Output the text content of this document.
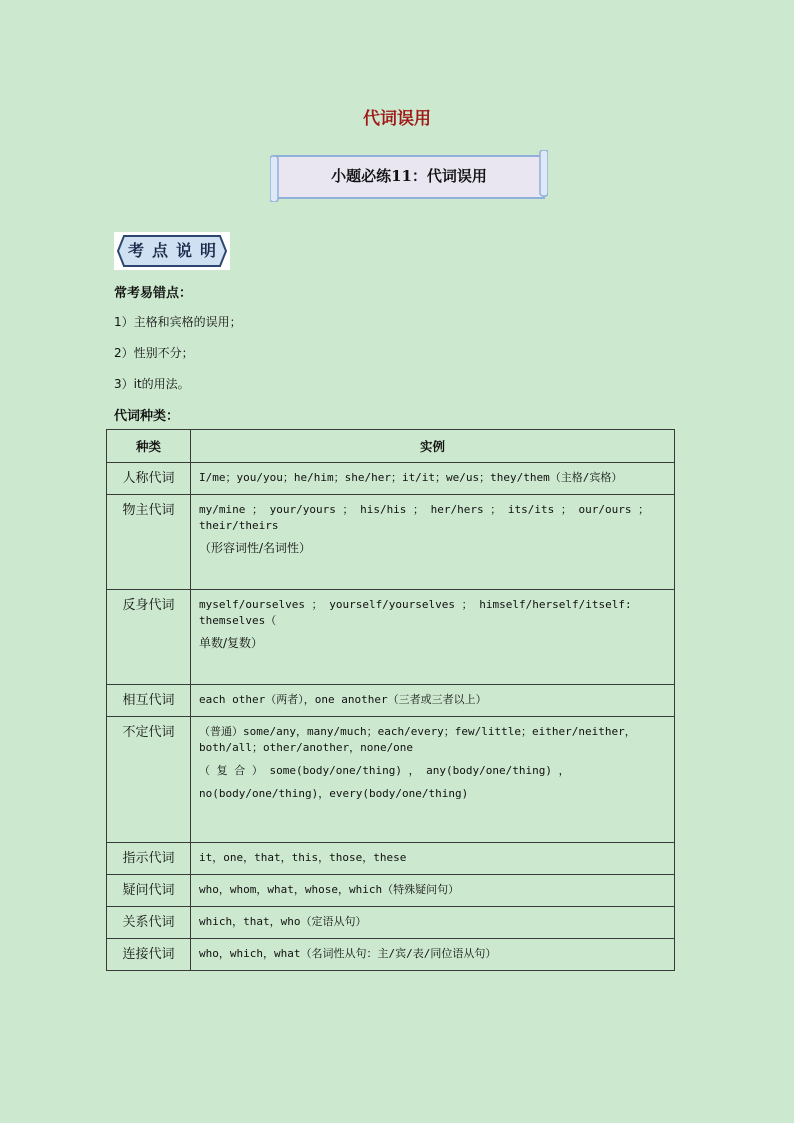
代词误用
小题必练11：代词误用
考点说明
常考易错点：
1）主格和宾格的误用；
2）性别不分；
3）it的用法。
代词种类：
种类	实例
人称代词	I/me；you/you；he/him；she/her；it/it；we/us；they/them（主格/宾格）

物主代词	my/mine ； your/yours ； his/his ； her/hers ； its/its ； our/ours ；
their/theirs
（形容词性/名词性）

反身代词	myself/ourselves ； yourself/yourselves ； himself/herself/itself:
themselves（
单数/复数）

相互代词	each other（两者），one another（三者或三者以上）

不定代词	（普通）some/any，many/much；each/every；few/little；either/neither，
both/all；other/another，none/one
（ 复 合 ） some(body/one/thing) ， any(body/one/thing) ，
no(body/one/thing)，every(body/one/thing)

指示代词	it，one，that，this，those，these

疑问代词	who，whom，what，whose，which（特殊疑问句）

关系代词	which，that，who（定语从句）

连接代词	who，which，what（名词性从句：主/宾/表/同位语从句）
